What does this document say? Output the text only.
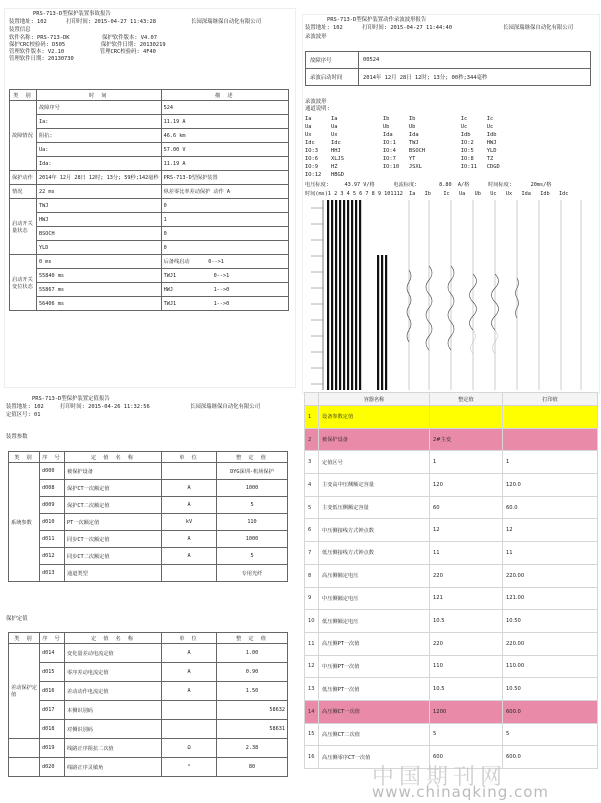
PRS-713-D型保护装置事故报告
装置地址: 102      打印时间: 2015-04-27 11:43:28	长园深瑞继保自动化有限公司
装置信息
软件名称: PRS-713-DK          保护软件版本: V4.07
保护CRC校验码: D505           保护软件日期: 20130219
管理软件版本: V2.10           管理CRC校验码: 4F40
管理软件日期: 20130730
类 别	时 间	描 述
故障情况	故障序号	524
	Ia:	11.19 A
	阻抗:	46.6 km
	Ua:	57.00 V
	Ida:	11.19 A
保护动作	2014年 12月 28日 12时; 13分; 59秒;142毫秒	PRS-713-D型保护装置
情况	22 ms	纵差零比率差动保护 动作 A
启动开关量状态	TWJ	0
	HWJ	1
	BSOCH	0
	YLD	0
启动开关变位状态	0 ms	后备线启动 0-->1
	55840 ms	TWJ1 0-->1
	55867 ms	HWJ 1-->0
	56406 ms	TWJ1 1-->0
PRS-713-D型保护装置动作录波波形报告
装置地址: 102      打印时间: 2015-04-27 11:44:40	长园深瑞继保自动化有限公司
录波波形
故障序号	00524
录波启动时间	2014年 12月 28日 12时; 13分; 00秒;344毫秒
录波波形
通道说明:
Ia      Ia              Ib      Ib              Ic      Ic
Ua      Ua              Ub      Ub              Uc      Uc
Ux      Ux              Ida     Ida             Idb     Idb
Idc     Idc             IO:1    TWJ             IO:2    HWJ
IO:3    HHJ             IO:4    BSOCH           IO:5    YLD
IO:6    XLJS            IO:7    YT              IO:8    TZ
IO:9    HZ              IO:10   JSXL            IO:11   CDGD
IO:12   HBGD
电压标度:     43.97 V/格      电流标度:       8.80  A/格      时间标度:      20ms/格
时间(ms)1 2 3 4 5 6 7 8 9 101112  Ia   Ib    Ic   Ua   Ub   Uc   Ux   Ida   Idb   Idc
PRS-713-D型保护装置定值报告
装置地址: 102     打印时间: 2015-04-26 11:32:56	长园深瑞继保自动化有限公司
定值区号: 01
装置参数
类 别	序 号	定 值 名 称	单 位	整 定 值
系统参数	d000	被保护设备		DYG深圳-机场保护
	d008	保护CT一次额定值	A	1000
	d009	保护CT二次额定值	A	5
	d010	PT一次额定值	kV	110
	d011	同步CT一次额定值	A	1000
	d012	同步CT二次额定值	A	5
	d013	通道类型		专用光纤
保护定值
类 别	序 号	定 值 名 称	单 位	整 定 值
差动保护定值	d014	变化量差动电流定值	A	1.00
	d015	零序差动电流定值	A	0.90
	d016	差动动作电流定值	A	1.50
	d017	本侧识别码		58632
	d018	对侧识别码		58631
	d019	线路正序阻抗二次值	Ω	2.38
	d020	线路正序灵敏角	°	80
	容器名称	整定值	打印值
1	设备参数定值		
2	被保护设备	2#主变	
3	定值区号	1	1
4	主变高中压侧额定容量	120	120.0
5	主变低压侧额定容量	60	60.0
6	中压侧接线方式钟点数	12	12
7	低压侧接线方式钟点数	11	11
8	高压侧额定电压	220	220.00
9	中压侧额定电压	121	121.00
10	低压侧额定电压	10.5	10.50
11	高压侧PT一次值	220	220.00
12	中压侧PT一次值	110	110.00
13	低压侧PT一次值	10.5	10.50
14	高压侧CT一次值	1200	600.0
15	高压侧CT二次值	5	5
16	高压侧零序CT一次值	600	600.0
中国期刊网
www.chinaqking.com
